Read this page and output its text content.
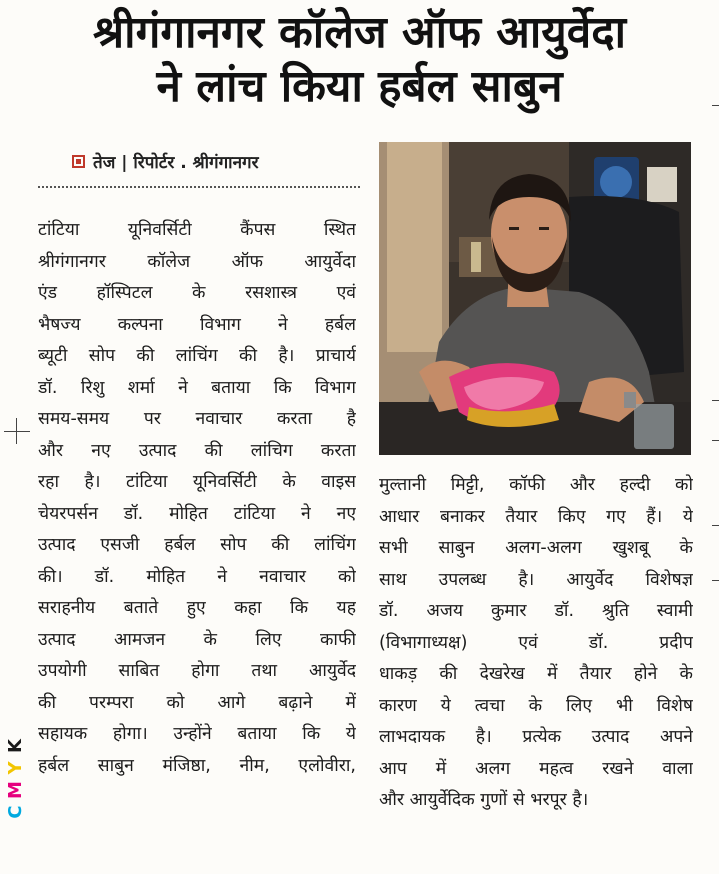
श्रीगंगानगर कॉलेज ऑफ आयुर्वेदा
ने लांच किया हर्बल साबुन
तेज | रिपोर्टर . श्रीगंगानगर
टांटिया यूनिवर्सिटी कैंपस स्थित
श्रीगंगानगर कॉलेज ऑफ आयुर्वेदा
एंड हॉस्पिटल के रसशास्त्र एवं
भैषज्य कल्पना विभाग ने हर्बल
ब्यूटी सोप की लांचिंग की है। प्राचार्य
डॉ. रिशु शर्मा ने बताया कि विभाग
समय-समय पर नवाचार करता है
और नए उत्पाद की लांचिग करता
रहा है। टांटिया यूनिवर्सिटी के वाइस
चेयरपर्सन डॉ. मोहित टांटिया ने नए
उत्पाद एसजी हर्बल सोप की लांचिंग
की। डॉ. मोहित ने नवाचार को
सराहनीय बताते हुए कहा कि यह
उत्पाद आमजन के लिए काफी
उपयोगी साबित होगा तथा आयुर्वेद
की परम्परा को आगे बढ़ाने में
सहायक होगा। उन्होंने बताया कि ये
हर्बल साबुन मंजिष्ठा, नीम, एलोवीरा,
मुल्तानी मिट्टी, कॉफी और हल्दी को
आधार बनाकर तैयार किए गए हैं। ये
सभी साबुन अलग-अलग खुशबू के
साथ उपलब्ध है। आयुर्वेद विशेषज्ञ
डॉ. अजय कुमार डॉ. श्रुति स्वामी
(विभागाध्यक्ष) एवं डॉ. प्रदीप
धाकड़ की देखरेख में तैयार होने के
कारण ये त्वचा के लिए भी विशेष
लाभदायक है। प्रत्येक उत्पाद अपने
आप में अलग महत्व रखने वाला
और आयुर्वेदिक गुणों से भरपूर है।
K
Y
M
C
